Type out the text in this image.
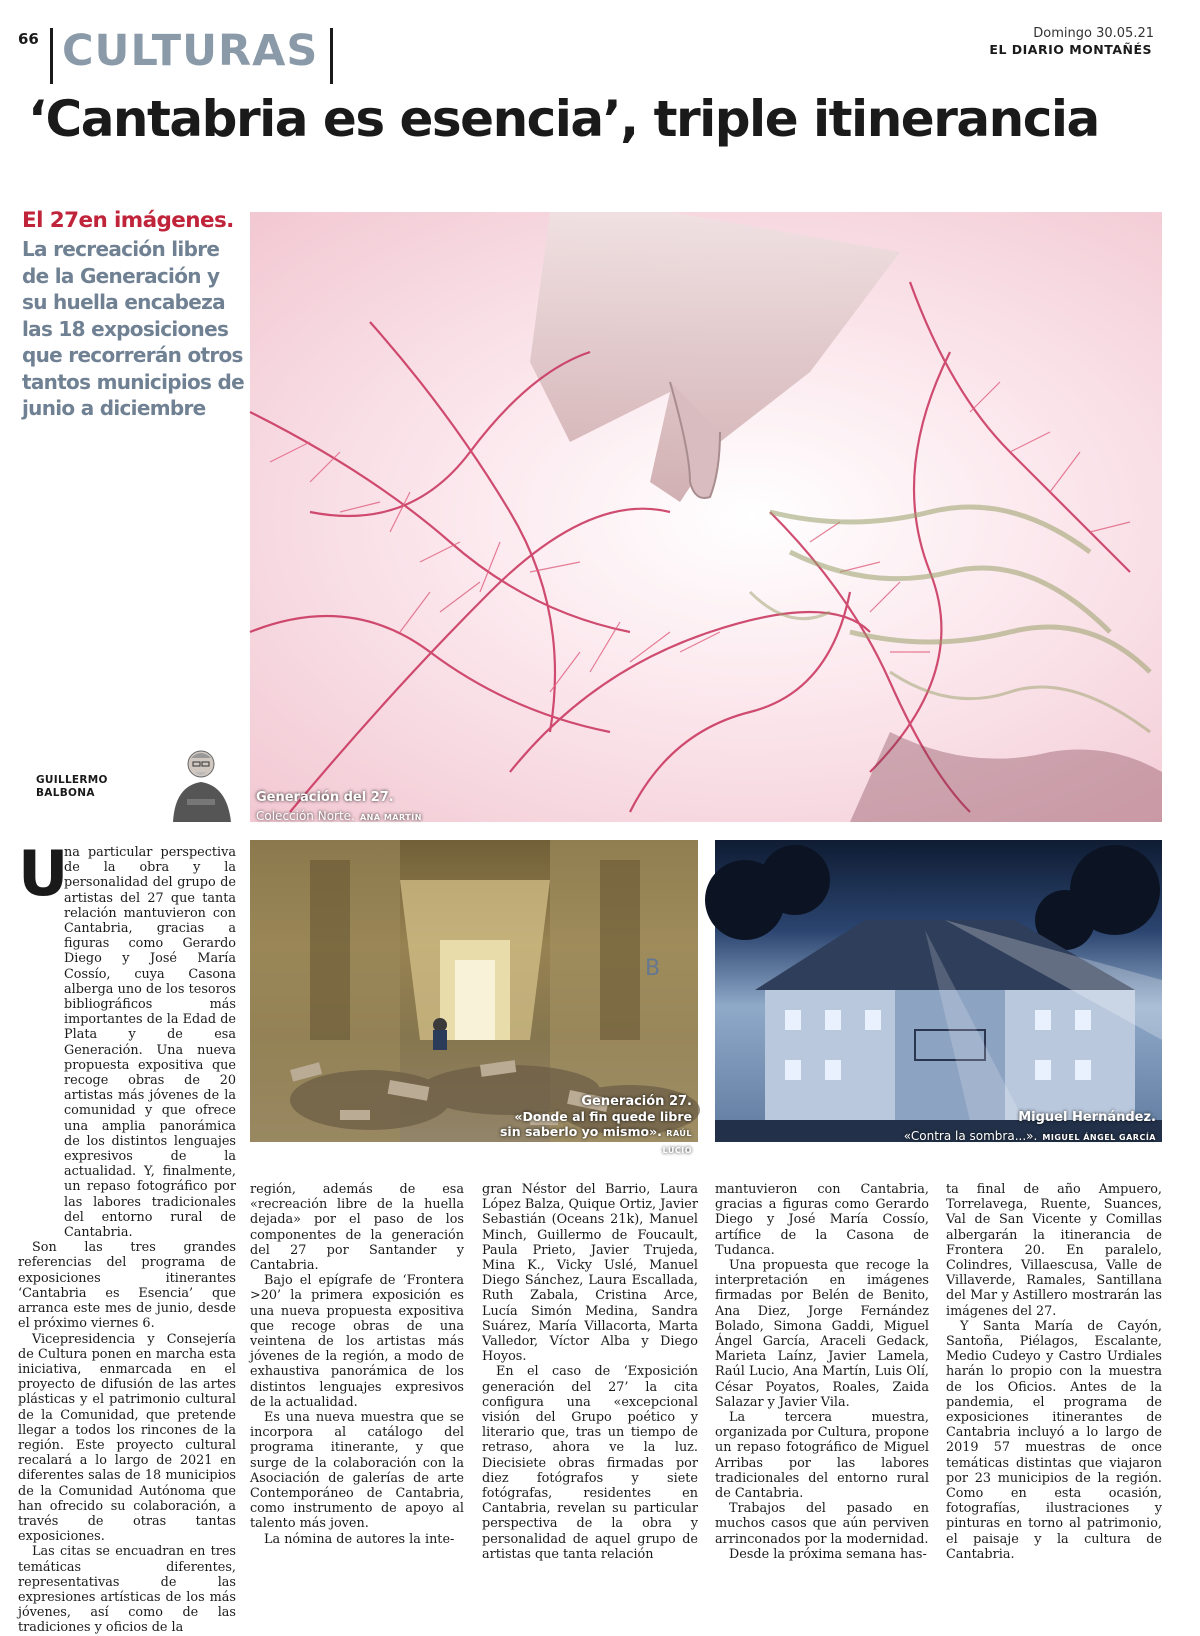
66 CULTURAS	Domingo 30.05.21
EL DIARIO MONTAÑÉS
‘Cantabria es esencia’, triple itinerancia
El 27en imágenes.
La recreación libre de la Generación y su huella encabeza las 18 exposiciones que recorrerán otros tantos municipios de junio a diciembre
Generación del 27.
Colección Norte. ANA MARTÍN
GUILLERMO
BALBONA
B
Generación 27.
«Donde al fin quede libre sin saberlo yo mismo». RAÚL LUCIO
Miguel Hernández.
«Contra la sombra...». MIGUEL ÁNGEL GARCÍA
U

na particular perspectiva de la obra y la personalidad del grupo de artistas del 27 que tanta relación mantuvieron con Cantabria, gracias a figuras como Gerardo Diego y José María Cossío, cuya Casona alberga uno de los tesoros bibliográficos más importantes de la Edad de Plata y de esa Generación. Una nueva propuesta expositiva que recoge obras de 20 artistas más jóvenes de la comunidad y que ofrece una amplia panorámica de los distintos lenguajes expresivos de la actualidad. Y, finalmente, un repaso fotográfico por las labores tradicionales del entorno rural de Cantabria.

Son las tres grandes referencias del programa de exposiciones itinerantes ‘Cantabria es Esencia’ que arranca este mes de junio, desde el próximo viernes 6.

Vicepresidencia y Consejería de Cultura ponen en marcha esta iniciativa, enmarcada en el proyecto de difusión de las artes plásticas y el patrimonio cultural de la Comunidad, que pretende llegar a todos los rincones de la región. Este proyecto cultural recalará a lo largo de 2021 en diferentes salas de 18 municipios de la Comunidad Autónoma que han ofrecido su colaboración, a través de otras tantas exposiciones.

Las citas se encuadran en tres temáticas diferentes, representativas de las expresiones artísticas de los más jóvenes, así como de las tradiciones y oficios de la

región, además de esa «recreación libre de la huella dejada» por el paso de los componentes de la generación del 27 por Santander y Cantabria.

Bajo el epígrafe de ‘Frontera >20’ la primera exposición es una nueva propuesta expositiva que recoge obras de una veintena de los artistas más jóvenes de la región, a modo de exhaustiva panorámica de los distintos lenguajes expresivos de la actualidad.

Es una nueva muestra que se incorpora al catálogo del programa itinerante, y que surge de la colaboración con la Asociación de galerías de arte Contemporáneo de Cantabria, como instrumento de apoyo al talento más joven.

La nómina de autores la inte-

gran Néstor del Barrio, Laura López Balza, Quique Ortiz, Javier Sebastián (Oceans 21k), Manuel Minch, Guillermo de Foucault, Paula Prieto, Javier Trujeda, Mina K., Vicky Uslé, Manuel Diego Sánchez, Laura Escallada, Ruth Zabala, Cristina Arce, Lucía Simón Medina, Sandra Suárez, María Villacorta, Marta Valledor, Víctor Alba y Diego Hoyos.

En el caso de ‘Exposición generación del 27’ la cita configura una «excepcional visión del Grupo poético y literario que, tras un tiempo de retraso, ahora ve la luz. Diecisiete obras firmadas por diez fotógrafos y siete fotógrafas, residentes en Cantabria, revelan su particular perspectiva de la obra y personalidad de aquel grupo de artistas que tanta relación

mantuvieron con Cantabria, gracias a figuras como Gerardo Diego y José María Cossío, artífice de la Casona de Tudanca.

Una propuesta que recoge la interpretación en imágenes firmadas por Belén de Benito, Ana Diez, Jorge Fernández Bolado, Simona Gaddi, Miguel Ángel García, Araceli Gedack, Marieta Laínz, Javier Lamela, Raúl Lucio, Ana Martín, Luis Olí, César Poyatos, Roales, Zaida Salazar y Javier Vila.

La tercera muestra, organizada por Cultura, propone un repaso fotográfico de Miguel Arribas por las labores tradicionales del entorno rural de Cantabria.

Trabajos del pasado en muchos casos que aún perviven arrinconados por la modernidad.

Desde la próxima semana has-

ta final de año Ampuero, Torrelavega, Ruente, Suances, Val de San Vicente y Comillas albergarán la itinerancia de Frontera 20. En paralelo, Colindres, Villaescusa, Valle de Villaverde, Ramales, Santillana del Mar y Astillero mostrarán las imágenes del 27.

Y Santa María de Cayón, Santoña, Piélagos, Escalante, Medio Cudeyo y Castro Urdiales harán lo propio con la muestra de los Oficios. Antes de la pandemia, el programa de exposiciones itinerantes de Cantabria incluyó a lo largo de 2019 57 muestras de once temáticas distintas que viajaron por 23 municipios de la región. Como en esta ocasión, fotografías, ilustraciones y pinturas en torno al patrimonio, el paisaje y la cultura de Cantabria.
